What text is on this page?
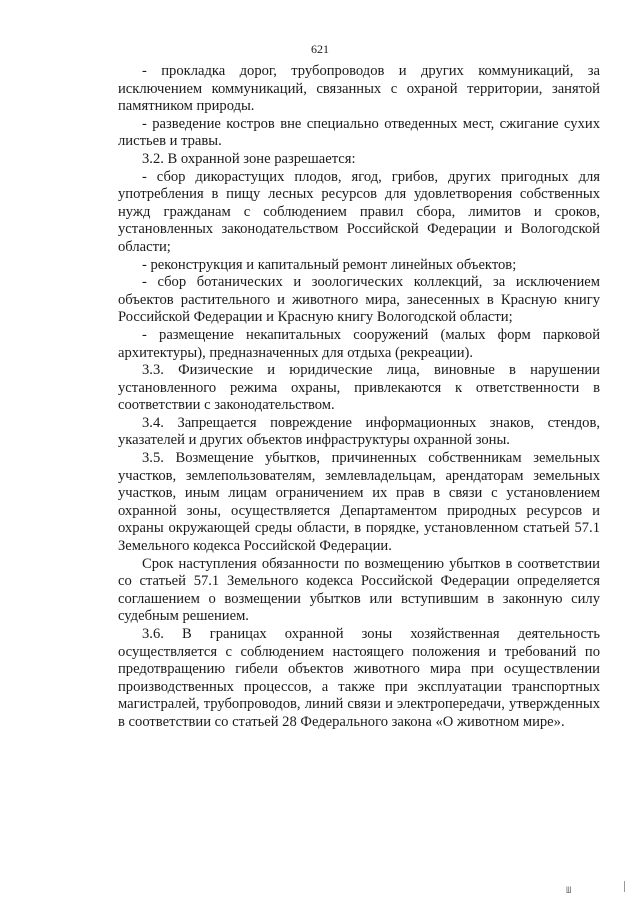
621

- прокладка дорог, трубопроводов и других коммуникаций, за исключением коммуникаций, связанных с охраной территории, занятой памятником природы.

- разведение костров вне специально отведенных мест, сжигание сухих листьев и травы.

3.2. В охранной зоне разрешается:

- сбор дикорастущих плодов, ягод, грибов, других пригодных для употребления в пищу лесных ресурсов для удовлетворения собственных нужд гражданам с соблюдением правил сбора, лимитов и сроков, установленных законодательством Российской Федерации и Вологодской области;

- реконструкция и капитальный ремонт линейных объектов;

- сбор ботанических и зоологических коллекций, за исключением объектов растительного и животного мира, занесенных в Красную книгу Российской Федерации и Красную книгу Вологодской области;

- размещение некапитальных сооружений (малых форм парковой архитектуры), предназначенных для отдыха (рекреации).

3.3. Физические и юридические лица, виновные в нарушении установленного режима охраны, привлекаются к ответственности в соответствии с законодательством.

3.4. Запрещается повреждение информационных знаков, стендов, указателей и других объектов инфраструктуры охранной зоны.

3.5. Возмещение убытков, причиненных собственникам земельных участков, землепользователям, землевладельцам, арендаторам земельных участков, иным лицам ограничением их прав в связи с установлением охранной зоны, осуществляется Департаментом природных ресурсов и охраны окружающей среды области, в порядке, установленном статьей 57.1 Земельного кодекса Российской Федерации.

Срок наступления обязанности по возмещению убытков в соответствии со статьей 57.1 Земельного кодекса Российской Федерации определяется соглашением о возмещении убытков или вступившим в законную силу судебным решением.

3.6. В границах охранной зоны хозяйственная деятельность осуществляется с соблюдением настоящего положения и требований по предотвращению гибели объектов животного мира при осуществлении производственных процессов, а также при эксплуатации транспортных магистралей, трубопроводов, линий связи и электропередачи, утвержденных в соответствии со статьей 28 Федерального закона «О животном мире».

Ш
